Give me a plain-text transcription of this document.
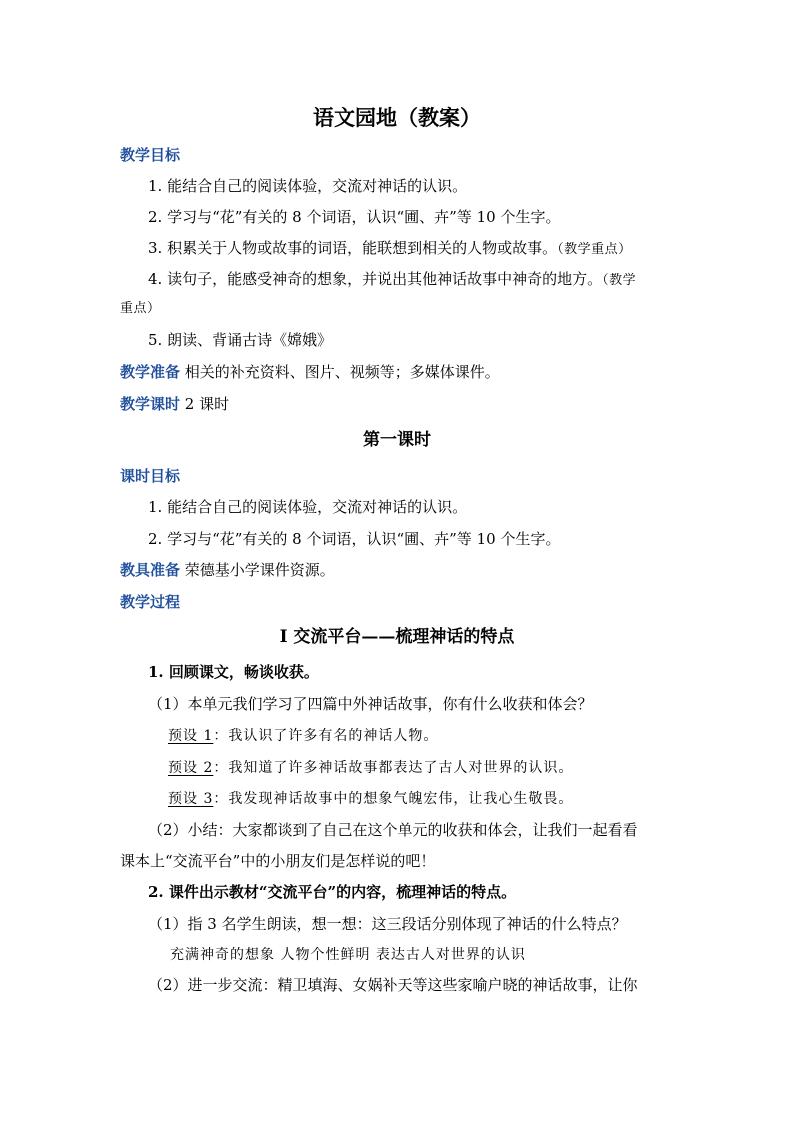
语文园地（教案）
教学目标
1. 能结合自己的阅读体验，交流对神话的认识。
2. 学习与“花”有关的 8 个词语，认识“圃、卉”等 10 个生字。
3. 积累关于人物或故事的词语，能联想到相关的人物或故事。（教学重点）
4. 读句子，能感受神奇的想象，并说出其他神话故事中神奇的地方。（教学
重点）
5. 朗读、背诵古诗《嫦娥》
教学准备 相关的补充资料、图片、视频等；多媒体课件。
教学课时 2 课时
第一课时
课时目标
1. 能结合自己的阅读体验，交流对神话的认识。
2. 学习与“花”有关的 8 个词语，认识“圃、卉”等 10 个生字。
教具准备 荣德基小学课件资源。
教学过程
Ⅰ 交流平台——梳理神话的特点
1. 回顾课文，畅谈收获。
（1）本单元我们学习了四篇中外神话故事，你有什么收获和体会？
预设 1：我认识了许多有名的神话人物。
预设 2：我知道了许多神话故事都表达了古人对世界的认识。
预设 3：我发现神话故事中的想象气魄宏伟，让我心生敬畏。
（2）小结：大家都谈到了自己在这个单元的收获和体会，让我们一起看看
课本上“交流平台”中的小朋友们是怎样说的吧！
2. 课件出示教材“交流平台”的内容，梳理神话的特点。
（1）指 3 名学生朗读，想一想：这三段话分别体现了神话的什么特点？
充满神奇的想象 人物个性鲜明 表达古人对世界的认识
（2）进一步交流：精卫填海、女娲补天等这些家喻户晓的神话故事，让你
